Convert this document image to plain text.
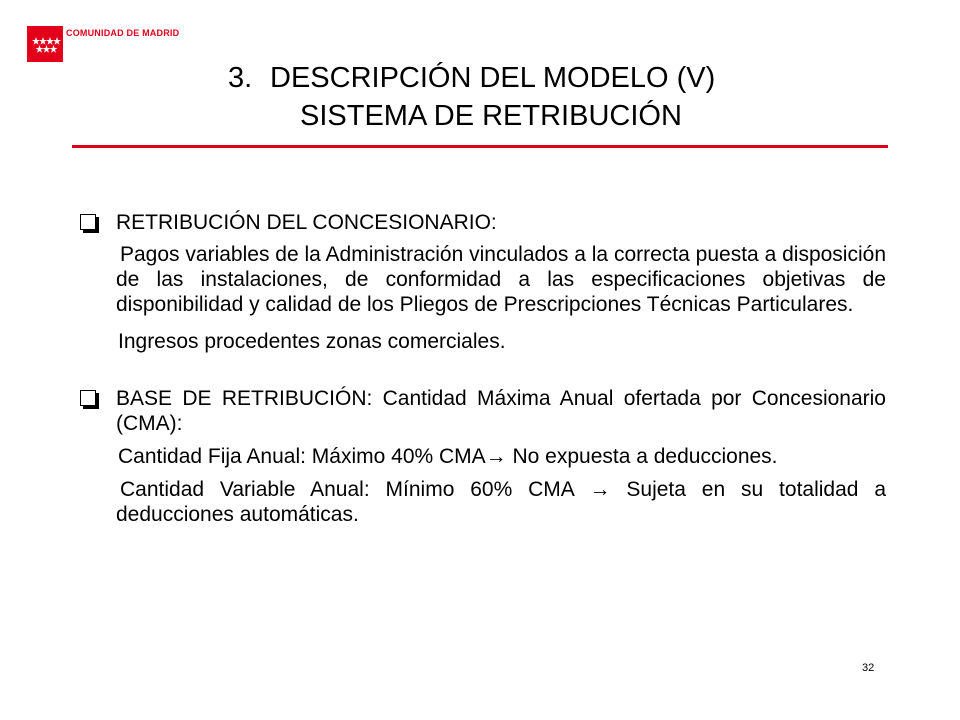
COMUNIDAD DE MADRID
3. DESCRIPCIÓN DEL MODELO (V)
SISTEMA DE RETRIBUCIÓN
RETRIBUCIÓN DEL CONCESIONARIO:
Pagos variables de la Administración vinculados a la correcta puesta a disposición de las instalaciones, de conformidad a las especificaciones objetivas de disponibilidad y calidad de los Pliegos de Prescripciones Técnicas Particulares.
Ingresos procedentes zonas comerciales.
BASE DE RETRIBUCIÓN: Cantidad Máxima Anual ofertada por Concesionario (CMA):
Cantidad Fija Anual: Máximo 40% CMA→ No expuesta a deducciones.
Cantidad Variable Anual: Mínimo 60% CMA → Sujeta en su totalidad a deducciones automáticas.
32
